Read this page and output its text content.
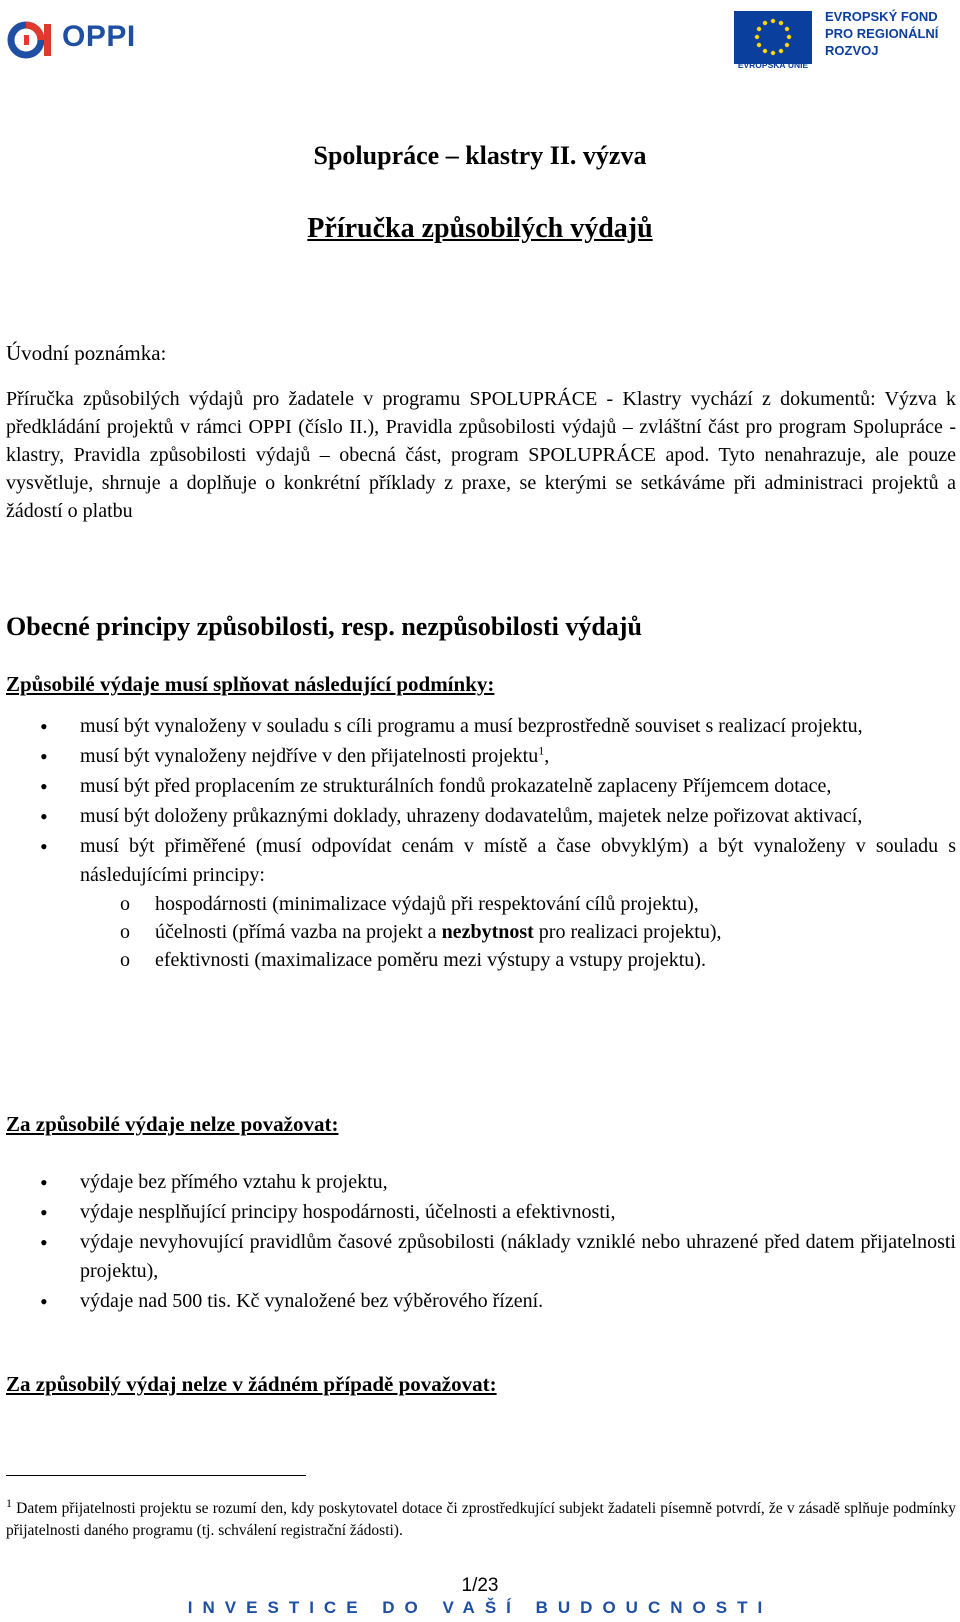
OPPI
EVROPSKÁ UNIE
EVROPSKÝ FOND
PRO REGIONÁLNÍ
ROZVOJ
Spolupráce – klastry II. výzva
Příručka způsobilých výdajů
Úvodní poznámka:
Příručka způsobilých výdajů pro žadatele v programu SPOLUPRÁCE - Klastry vychází z dokumentů: Výzva k předkládání projektů v rámci OPPI (číslo II.), Pravidla způsobilosti výdajů – zvláštní část pro program Spolupráce - klastry, Pravidla způsobilosti výdajů – obecná část, program SPOLUPRÁCE apod. Tyto nenahrazuje, ale pouze vysvětluje, shrnuje a doplňuje o konkrétní příklady z praxe, se kterými se setkáváme při administraci projektů a žádostí o platbu
Obecné principy způsobilosti, resp. nezpůsobilosti výdajů
Způsobilé výdaje musí splňovat následující podmínky:
• musí být vynaloženy v souladu s cíli programu a musí bezprostředně souviset s realizací projektu,
• musí být vynaloženy nejdříve v den přijatelnosti projektu$^1$,
• musí být před proplacením ze strukturálních fondů prokazatelně zaplaceny Příjemcem dotace,
• musí být doloženy průkaznými doklady, uhrazeny dodavatelům, majetek nelze pořizovat aktivací,
• musí být přiměřené (musí odpovídat cenám v místě a čase obvyklým) a být vynaloženy v souladu s následujícími principy:
o hospodárnosti (minimalizace výdajů při respektování cílů projektu),
o účelnosti (přímá vazba na projekt a nezbytnost pro realizaci projektu),
o efektivnosti (maximalizace poměru mezi výstupy a vstupy projektu).
Za způsobilé výdaje nelze považovat:
• výdaje bez přímého vztahu k projektu,
• výdaje nesplňující principy hospodárnosti, účelnosti a efektivnosti,
• výdaje nevyhovující pravidlům časové způsobilosti (náklady vzniklé nebo uhrazené před datem přijatelnosti projektu),
• výdaje nad 500 tis. Kč vynaložené bez výběrového řízení.
Za způsobilý výdaj nelze v žádném případě považovat:
$^1$ Datem přijatelnosti projektu se rozumí den, kdy poskytovatel dotace či zprostředkující subjekt žadateli písemně potvrdí, že v zásadě splňuje podmínky přijatelnosti daného programu (tj. schválení registrační žádosti).
1/23
INVESTICE DO VAŠÍ BUDOUCNOSTI
